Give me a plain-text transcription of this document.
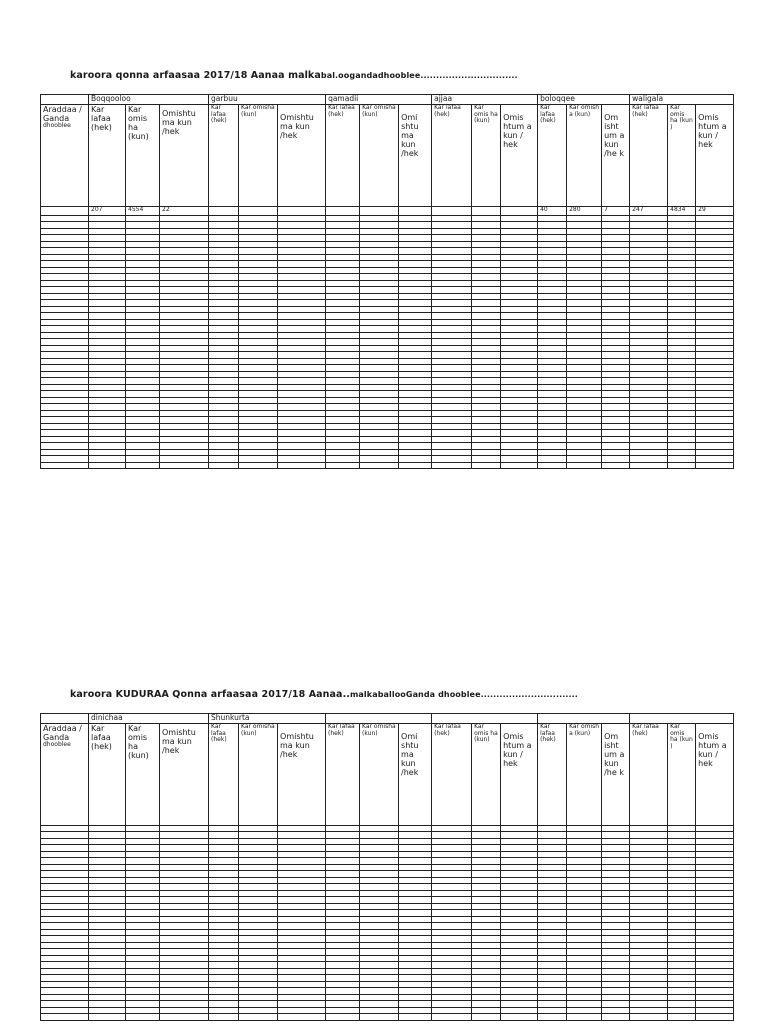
karoora qonna arfaasaa 2017/18 Aanaa malkabal.oogandadhooblee...............................
	Boqqooloo			garbuu			qamadii			ajjaa			boloqqee			waligala		

Araddaa / Ganda
dhooblee	Kar lafaa (hek)	Kar omis ha (kun)	Omishtu ma kun /hek	Kar lafaa (hek)	Kar omisha (kun)	Omishtu ma kun /hek	Kar lafaa (hek)	Kar omisha (kun)	Omi shtu ma kun /hek	Kar lafaa (hek)	Kar omis ha (kun)	Omis htum a kun / hek	Kar lafaa (hek)	Kar omish a (kun)	Om isht um a kun /he k	Kar lafaa (hek)	Kar omis ha (kun )	Omis htum a kun / hek
	207	4554	22										40	280	7	247	4834	29

karoora KUDURAA Qonna arfaasaa 2017/18 Aanaa..malkaballooGanda dhooblee...............................
	dinichaa			Shunkurta														

Araddaa / Ganda
dhooblee	Kar lafaa (hek)	Kar omis ha (kun)	Omishtu ma kun /hek	Kar lafaa (hek)	Kar omisha (kun)	Omishtu ma kun /hek	Kar lafaa (hek)	Kar omisha (kun)	Omi shtu ma kun /hek	Kar lafaa (hek)	Kar omis ha (kun)	Omis htum a kun / hek	Kar lafaa (hek)	Kar omish a (kun)	Om isht um a kun /he k	Kar lafaa (hek)	Kar omis ha (kun )	Omis htum a kun / hek
